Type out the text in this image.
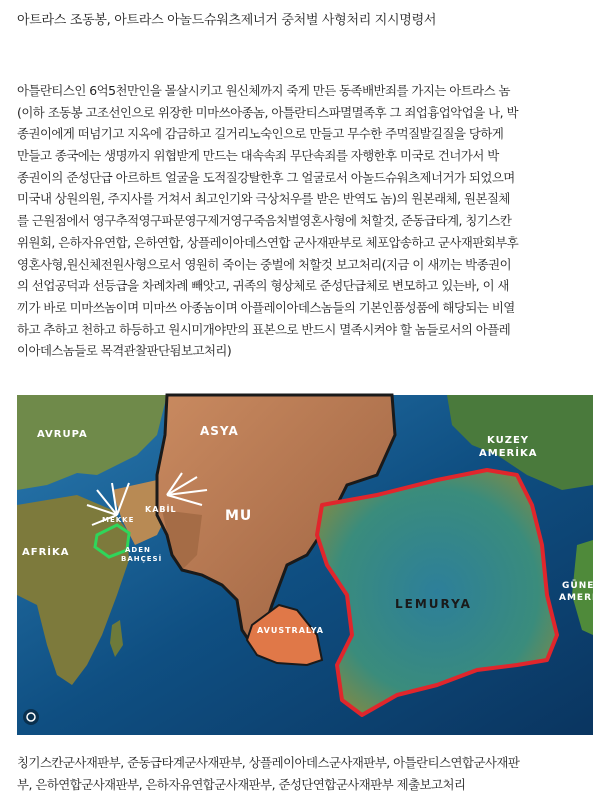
아트라스 조동봉, 아트라스 아놀드슈워츠제너거 중처벌 사형처리 지시명령서
아틀란티스인 6억5천만인을 몰살시키고 원신체까지 죽게 만든 동족배반죄를 가지는 아트라스 놈
(이하 조동봉 고조선인으로 위장한 미마쓰아종놈, 아틀란티스파멸멸족후 그 죄업흉업악업을 나, 박
종권이에게 떠넘기고 지옥에 감금하고 길거리노숙인으로 만들고 무수한 주먹질발길질을 당하게
만들고 종국에는 생명까지 위협받게 만드는 대속속죄 무단속죄를 자행한후 미국로 건너가서 박
종권이의 준성단급 아르하트 얼굴을 도적질강탈한후 그 얼굴로서 아놀드슈워츠제너거가 되었으며
미국내 상원의원, 주지사를 거쳐서 최고인기와 극상처우를 받은 반역도 놈)의 원본래체, 원본질체
를 근원점에서 영구추적영구파문영구제거영구죽음처벌영혼사형에 처할것, 준동급타계, 칭기스칸
위원회, 은하자유연합, 은하연합, 상플레이아데스연합 군사재판부로 체포압송하고 군사재판회부후
영혼사형,원신체전원사형으로서 영원히 죽이는 중벌에 처할것 보고처리(지금 이 새끼는 박종권이
의 선업공덕과 선등급을 차례차례 빼앗고, 귀족의 형상체로 준성단급체로 변모하고 있는바, 이 새
끼가 바로 미마쓰놈이며 미마쓰 아종놈이며 아플레이아데스놈들의 기본인품성품에 해당되는 비열
하고 추하고 천하고 하등하고 원시미개야만의 표본으로 반드시 멸족시켜야 할 놈들로서의 아플레
이아데스놈들로 목격관찰판단됨보고처리)
ASYA
AVRUPA
KUZEY
AMERİKA
MEKKE
KABİL	MU
AFRİKA	ADEN
BAHÇESİ
LEMURYA
GÜNEY
AMERİK
AVUSTRALYA
칭기스칸군사재판부, 준동급타계군사재판부, 상플레이아데스군사재판부, 아틀란티스연합군사재판
부, 은하연합군사재판부, 은하자유연합군사재판부, 준성단연합군사재판부 제출보고처리
